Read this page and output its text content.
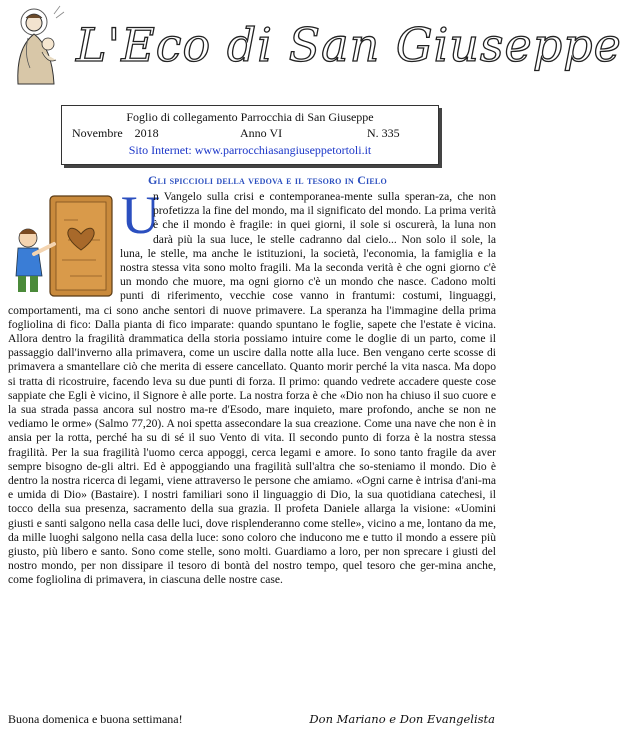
L'Eco di San Giuseppe
Foglio di collegamento Parrocchia di San Giuseppe
Novembre    2018	Anno VI	N. 335
Sito Internet: www.parrocchiasangiuseppetortoli.it
Gli spiccioli della vedova e il tesoro in Cielo
U
n Vangelo sulla crisi e contemporanea-mente sulla speran-za, che non profetizza la fine del mondo, ma il significato del mondo. La prima verità è che il mondo è fragile: in quei giorni, il sole si oscurerà, la luna non darà più la sua luce, le stelle cadranno dal cielo... Non solo il sole, la luna, le stelle, ma anche le istituzioni, la società, l'economia, la famiglia e la nostra stessa vita sono molto fragili. Ma la seconda verità è che ogni giorno c'è un mondo che muore, ma ogni giorno c'è un mondo che nasce. Cadono molti punti di riferimento, vecchie cose vanno in frantumi: costumi, linguaggi, comportamenti, ma ci sono anche sentori di nuove primavere. La speranza ha l'immagine della prima fogliolina di fico: Dalla pianta di fico imparate: quando spuntano le foglie, sapete che l'estate è vicina. Allora dentro la fragilità drammatica della storia possiamo intuire come le doglie di un parto, come il passaggio dall'inverno alla primavera, come un uscire dalla notte alla luce. Ben vengano certe scosse di primavera a smantellare ciò che merita di essere cancellato. Quanto morir perché la vita nasca. Ma dopo si tratta di ricostruire, facendo leva su due punti di forza. Il primo: quando vedrete accadere queste cose sappiate che Egli è vicino, il Signore è alle porte. La nostra forza è che «Dio non ha chiuso il suo cuore e la sua strada passa ancora sul nostro ma-re d'Esodo, mare inquieto, mare profondo, anche se non ne vediamo le orme» (Salmo 77,20). A noi spetta assecondare la sua creazione. Come una nave che non è in ansia per la rotta, perché ha su di sé il suo Vento di vita. Il secondo punto di forza è la nostra stessa fragilità. Per la sua fragilità l'uomo cerca appoggi, cerca legami e amore. Io sono tanto fragile da aver sempre bisogno de-gli altri. Ed è appoggiando una fragilità sull'altra che so-steniamo il mondo. Dio è dentro la nostra ricerca di legami, viene attraverso le persone che amiamo. «Ogni carne è intrisa d'ani-ma e umida di Dio» (Bastaire). I nostri familiari sono il linguaggio di Dio, la sua quotidiana catechesi, il tocco della sua presenza, sacramento della sua grazia. Il profeta Daniele allarga la visione: «Uomini giusti e santi salgono nella casa delle luci, dove risplenderanno come stelle», vicino a me, lontano da me, da mille luoghi salgono nella casa della luce: sono coloro che inducono me e tutto il mondo a essere più giusto, più libero e santo. Sono come stelle, sono molti. Guardiamo a loro, per non sprecare i giusti del nostro mondo, per non dissipare il tesoro di bontà del nostro tempo, quel tesoro che ger-mina anche, come fogliolina di primavera, in ciascuna delle nostre case.
Buona domenica e buona settimana!	Don Mariano e Don Evangelista
